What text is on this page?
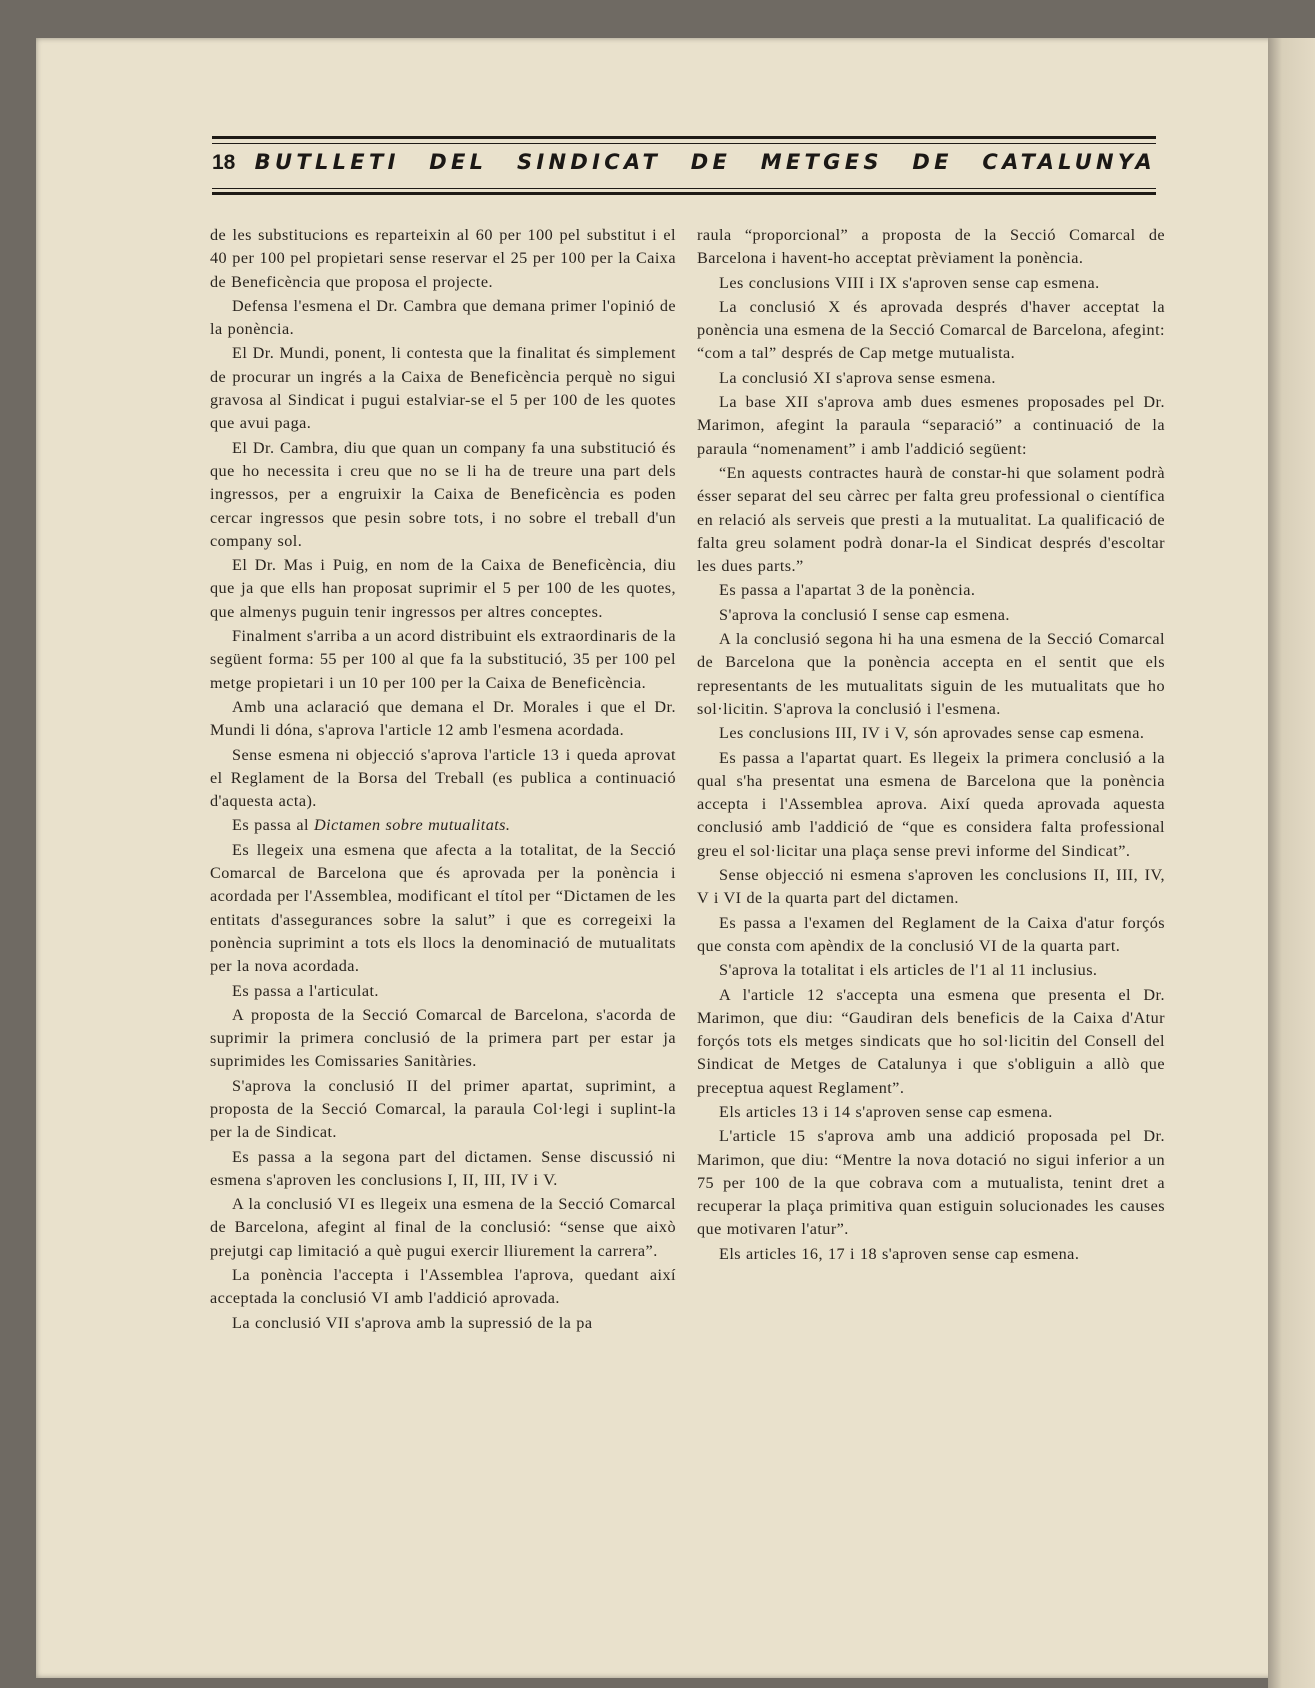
18 BUTLLETI DEL SINDICAT DE METGES DE CATALUNYA

de les substitucions es reparteixin al 60 per 100 pel substitut i el 40 per 100 pel propietari sense reservar el 25 per 100 per la Caixa de Beneficència que proposa el projecte.

Defensa l'esmena el Dr. Cambra que demana primer l'opinió de la ponència.

El Dr. Mundi, ponent, li contesta que la finalitat és simplement de procurar un ingrés a la Caixa de Beneficència perquè no sigui gravosa al Sindicat i pugui estalviar-se el 5 per 100 de les quotes que avui paga.

El Dr. Cambra, diu que quan un company fa una substitució és que ho necessita i creu que no se li ha de treure una part dels ingressos, per a engruixir la Caixa de Beneficència es poden cercar ingressos que pesin sobre tots, i no sobre el treball d'un company sol.

El Dr. Mas i Puig, en nom de la Caixa de Beneficència, diu que ja que ells han proposat suprimir el 5 per 100 de les quotes, que almenys puguin tenir ingressos per altres conceptes.

Finalment s'arriba a un acord distribuint els extraordinaris de la següent forma: 55 per 100 al que fa la substitució, 35 per 100 pel metge propietari i un 10 per 100 per la Caixa de Beneficència.

Amb una aclaració que demana el Dr. Morales i que el Dr. Mundi li dóna, s'aprova l'article 12 amb l'esmena acordada.

Sense esmena ni objecció s'aprova l'article 13 i queda aprovat el Reglament de la Borsa del Treball (es publica a continuació d'aquesta acta).

Es passa al Dictamen sobre mutualitats.

Es llegeix una esmena que afecta a la totalitat, de la Secció Comarcal de Barcelona que és aprovada per la ponència i acordada per l'Assemblea, modificant el títol per “Dictamen de les entitats d'assegurances sobre la salut” i que es corregeixi la ponència suprimint a tots els llocs la denominació de mutualitats per la nova acordada.

Es passa a l'articulat.

A proposta de la Secció Comarcal de Barcelona, s'acorda de suprimir la primera conclusió de la primera part per estar ja suprimides les Comissaries Sanitàries.

S'aprova la conclusió II del primer apartat, suprimint, a proposta de la Secció Comarcal, la paraula Col·legi i suplint-la per la de Sindicat.

Es passa a la segona part del dictamen. Sense discussió ni esmena s'aproven les conclusions I, II, III, IV i V.

A la conclusió VI es llegeix una esmena de la Secció Comarcal de Barcelona, afegint al final de la conclusió: “sense que això prejutgi cap limitació a què pugui exercir lliurement la carrera”.

La ponència l'accepta i l'Assemblea l'aprova, quedant així acceptada la conclusió VI amb l'addició aprovada.

La conclusió VII s'aprova amb la supressió de la pa

raula “proporcional” a proposta de la Secció Comarcal de Barcelona i havent-ho acceptat prèviament la ponència.

Les conclusions VIII i IX s'aproven sense cap esmena.

La conclusió X és aprovada després d'haver acceptat la ponència una esmena de la Secció Comarcal de Barcelona, afegint: “com a tal” després de Cap metge mutualista.

La conclusió XI s'aprova sense esmena.

La base XII s'aprova amb dues esmenes proposades pel Dr. Marimon, afegint la paraula “separació” a continuació de la paraula “nomenament” i amb l'addició següent:

“En aquests contractes haurà de constar-hi que solament podrà ésser separat del seu càrrec per falta greu professional o científica en relació als serveis que presti a la mutualitat. La qualificació de falta greu solament podrà donar-la el Sindicat després d'escoltar les dues parts.”

Es passa a l'apartat 3 de la ponència.

S'aprova la conclusió I sense cap esmena.

A la conclusió segona hi ha una esmena de la Secció Comarcal de Barcelona que la ponència accepta en el sentit que els representants de les mutualitats siguin de les mutualitats que ho sol·licitin. S'aprova la conclusió i l'esmena.

Les conclusions III, IV i V, són aprovades sense cap esmena.

Es passa a l'apartat quart. Es llegeix la primera conclusió a la qual s'ha presentat una esmena de Barcelona que la ponència accepta i l'Assemblea aprova. Així queda aprovada aquesta conclusió amb l'addició de “que es considera falta professional greu el sol·licitar una plaça sense previ informe del Sindicat”.

Sense objecció ni esmena s'aproven les conclusions II, III, IV, V i VI de la quarta part del dictamen.

Es passa a l'examen del Reglament de la Caixa d'atur forçós que consta com apèndix de la conclusió VI de la quarta part.

S'aprova la totalitat i els articles de l'1 al 11 inclusius.

A l'article 12 s'accepta una esmena que presenta el Dr. Marimon, que diu: “Gaudiran dels beneficis de la Caixa d'Atur forçós tots els metges sindicats que ho sol·licitin del Consell del Sindicat de Metges de Catalunya i que s'obliguin a allò que preceptua aquest Reglament”.

Els articles 13 i 14 s'aproven sense cap esmena.

L'article 15 s'aprova amb una addició proposada pel Dr. Marimon, que diu: “Mentre la nova dotació no sigui inferior a un 75 per 100 de la que cobrava com a mutualista, tenint dret a recuperar la plaça primitiva quan estiguin solucionades les causes que motivaren l'atur”.

Els articles 16, 17 i 18 s'aproven sense cap esmena.
